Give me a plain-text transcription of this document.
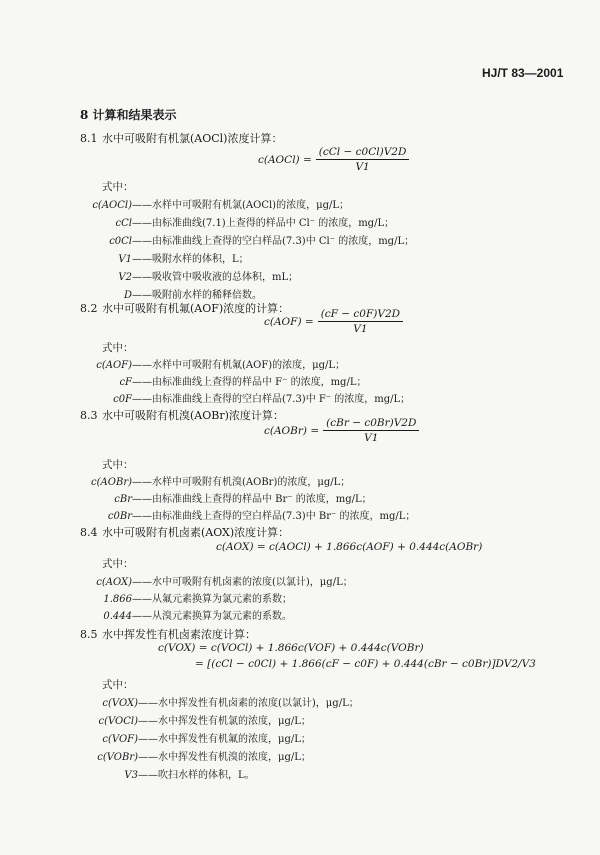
HJ/T 83—2001
8 计算和结果表示
8.1 水中可吸附有机氯(AOCl)浓度计算：
c(AOCl) = $\frac{\text{(cCl − c0Cl)V2D}}{V1}$
式中：
c(AOCl)——水样中可吸附有机氯(AOCl)的浓度，μg/L；
cCl——由标准曲线(7.1)上查得的样品中 Cl⁻ 的浓度，mg/L；
c0Cl——由标准曲线上查得的空白样品(7.3)中 Cl⁻ 的浓度，mg/L；
V1——吸附水样的体积，L；
V2——吸收管中吸收液的总体积，mL；
D——吸附前水样的稀释倍数。
8.2 水中可吸附有机氟(AOF)浓度的计算：
$c(AOF) = \frac{(cF - c0F)V2D}{V1}$
式中：
c(AOF)——水样中可吸附有机氟(AOF)的浓度，μg/L；
cF——由标准曲线上查得的样品中 F⁻ 的浓度，mg/L；
c0F——由标准曲线上查得的空白样品(7.3)中 F⁻ 的浓度，mg/L；
8.3 水中可吸附有机溴(AOBr)浓度计算：
c(AOBr) = $\frac{\text{(cBr − c0Br)V2D}}{V1}$
式中：
c(AOBr)——水样中可吸附有机溴(AOBr)的浓度，μg/L；
cBr——由标准曲线上查得的样品中 Br⁻ 的浓度，mg/L；
c0Br——由标准曲线上查得的空白样品(7.3)中 Br⁻ 的浓度，mg/L；
8.4 水中可吸附有机卤素(AOX)浓度计算：
c(AOX) = c(AOCl) + 1.866c(AOF) + 0.444c(AOBr)
式中：
c(AOX)——水中可吸附有机卤素的浓度(以氯计)，μg/L；
1.866——从氟元素换算为氯元素的系数；
0.444——从溴元素换算为氯元素的系数。
8.5 水中挥发性有机卤素浓度计算：
c(VOX) = c(VOCl) + 1.866c(VOF) + 0.444c(VOBr)
= [(cCl − c0Cl) + 1.866(cF − c0F) + 0.444(cBr − c0Br)]DV2/V3
式中：
c(VOX)——水中挥发性有机卤素的浓度(以氯计)，μg/L；
c(VOCl)——水中挥发性有机氯的浓度，μg/L；
c(VOF)——水中挥发性有机氟的浓度，μg/L；
c(VOBr)——水中挥发性有机溴的浓度，μg/L；
V3——吹扫水样的体积，L。
